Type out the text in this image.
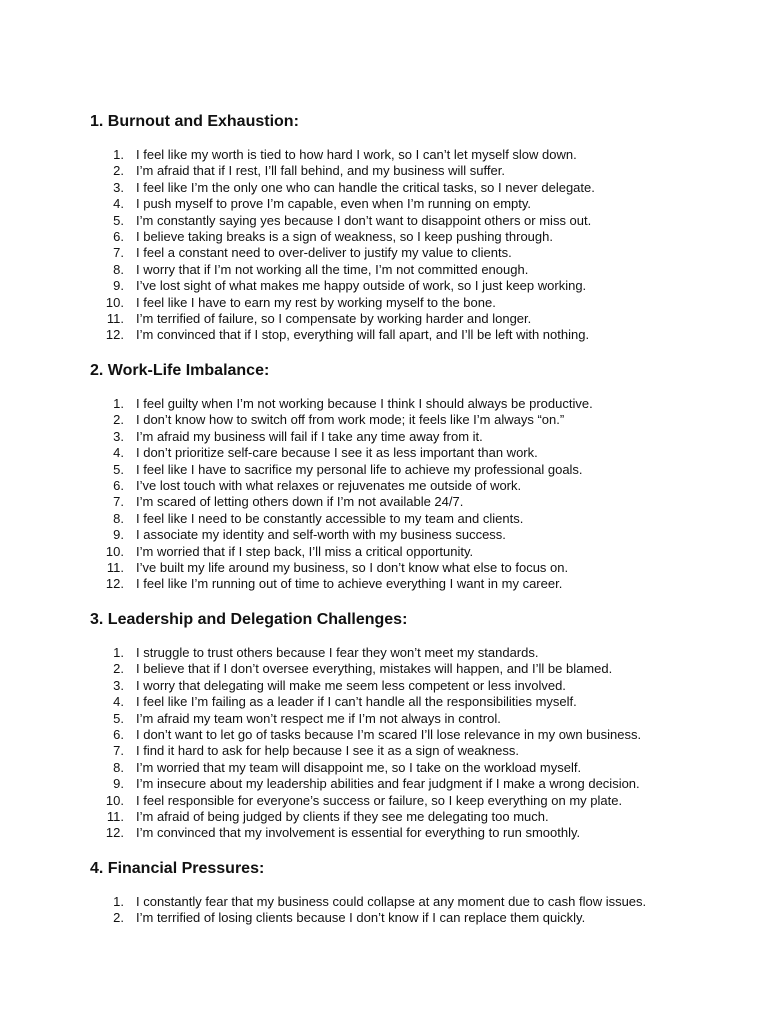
1. Burnout and Exhaustion:
1. I feel like my worth is tied to how hard I work, so I can’t let myself slow down.
2. I’m afraid that if I rest, I’ll fall behind, and my business will suffer.
3. I feel like I’m the only one who can handle the critical tasks, so I never delegate.
4. I push myself to prove I’m capable, even when I’m running on empty.
5. I’m constantly saying yes because I don’t want to disappoint others or miss out.
6. I believe taking breaks is a sign of weakness, so I keep pushing through.
7. I feel a constant need to over-deliver to justify my value to clients.
8. I worry that if I’m not working all the time, I’m not committed enough.
9. I’ve lost sight of what makes me happy outside of work, so I just keep working.
10. I feel like I have to earn my rest by working myself to the bone.
11. I’m terrified of failure, so I compensate by working harder and longer.
12. I’m convinced that if I stop, everything will fall apart, and I’ll be left with nothing.
2. Work-Life Imbalance:
1. I feel guilty when I’m not working because I think I should always be productive.
2. I don’t know how to switch off from work mode; it feels like I’m always “on.”
3. I’m afraid my business will fail if I take any time away from it.
4. I don’t prioritize self-care because I see it as less important than work.
5. I feel like I have to sacrifice my personal life to achieve my professional goals.
6. I’ve lost touch with what relaxes or rejuvenates me outside of work.
7. I’m scared of letting others down if I’m not available 24/7.
8. I feel like I need to be constantly accessible to my team and clients.
9. I associate my identity and self-worth with my business success.
10. I’m worried that if I step back, I’ll miss a critical opportunity.
11. I’ve built my life around my business, so I don’t know what else to focus on.
12. I feel like I’m running out of time to achieve everything I want in my career.
3. Leadership and Delegation Challenges:
1. I struggle to trust others because I fear they won’t meet my standards.
2. I believe that if I don’t oversee everything, mistakes will happen, and I’ll be blamed.
3. I worry that delegating will make me seem less competent or less involved.
4. I feel like I’m failing as a leader if I can’t handle all the responsibilities myself.
5. I’m afraid my team won’t respect me if I’m not always in control.
6. I don’t want to let go of tasks because I’m scared I’ll lose relevance in my own business.
7. I find it hard to ask for help because I see it as a sign of weakness.
8. I’m worried that my team will disappoint me, so I take on the workload myself.
9. I’m insecure about my leadership abilities and fear judgment if I make a wrong decision.
10. I feel responsible for everyone’s success or failure, so I keep everything on my plate.
11. I’m afraid of being judged by clients if they see me delegating too much.
12. I’m convinced that my involvement is essential for everything to run smoothly.
4. Financial Pressures:
1. I constantly fear that my business could collapse at any moment due to cash flow issues.
2. I’m terrified of losing clients because I don’t know if I can replace them quickly.
